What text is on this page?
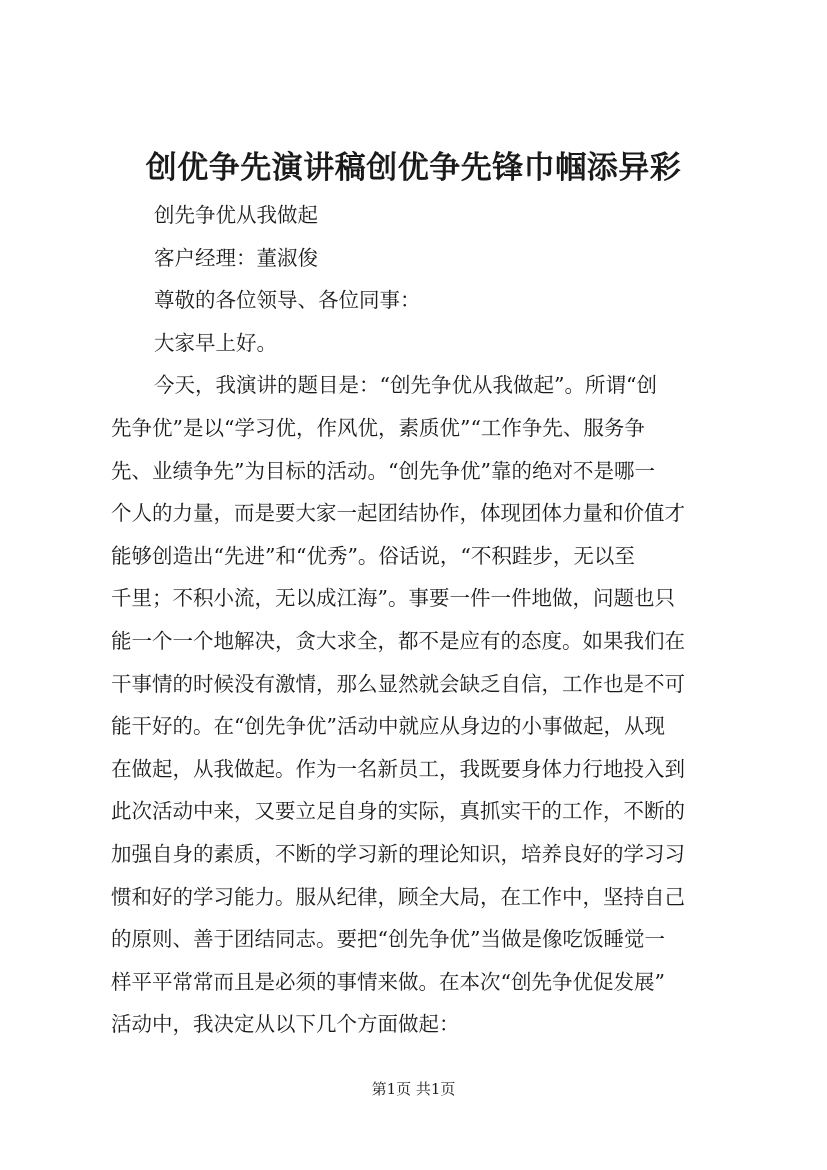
创优争先演讲稿创优争先锋巾帼添异彩
创先争优从我做起
客户经理：董淑俊
尊敬的各位领导、各位同事：
大家早上好。
今天，我演讲的题目是：“创先争优从我做起”。所谓“创
先争优”是以“学习优，作风优，素质优”“工作争先、服务争
先、业绩争先”为目标的活动。“创先争优”靠的绝对不是哪一
个人的力量，而是要大家一起团结协作，体现团体力量和价值才
能够创造出“先进”和“优秀”。俗话说，“不积跬步，无以至
千里；不积小流，无以成江海”。事要一件一件地做，问题也只
能一个一个地解决，贪大求全，都不是应有的态度。如果我们在
干事情的时候没有激情，那么显然就会缺乏自信，工作也是不可
能干好的。在“创先争优”活动中就应从身边的小事做起，从现
在做起，从我做起。作为一名新员工，我既要身体力行地投入到
此次活动中来，又要立足自身的实际，真抓实干的工作，不断的
加强自身的素质，不断的学习新的理论知识，培养良好的学习习
惯和好的学习能力。服从纪律，顾全大局，在工作中，坚持自己
的原则、善于团结同志。要把“创先争优”当做是像吃饭睡觉一
样平平常常而且是必须的事情来做。在本次“创先争优促发展”
活动中，我决定从以下几个方面做起：
第1页 共1页
